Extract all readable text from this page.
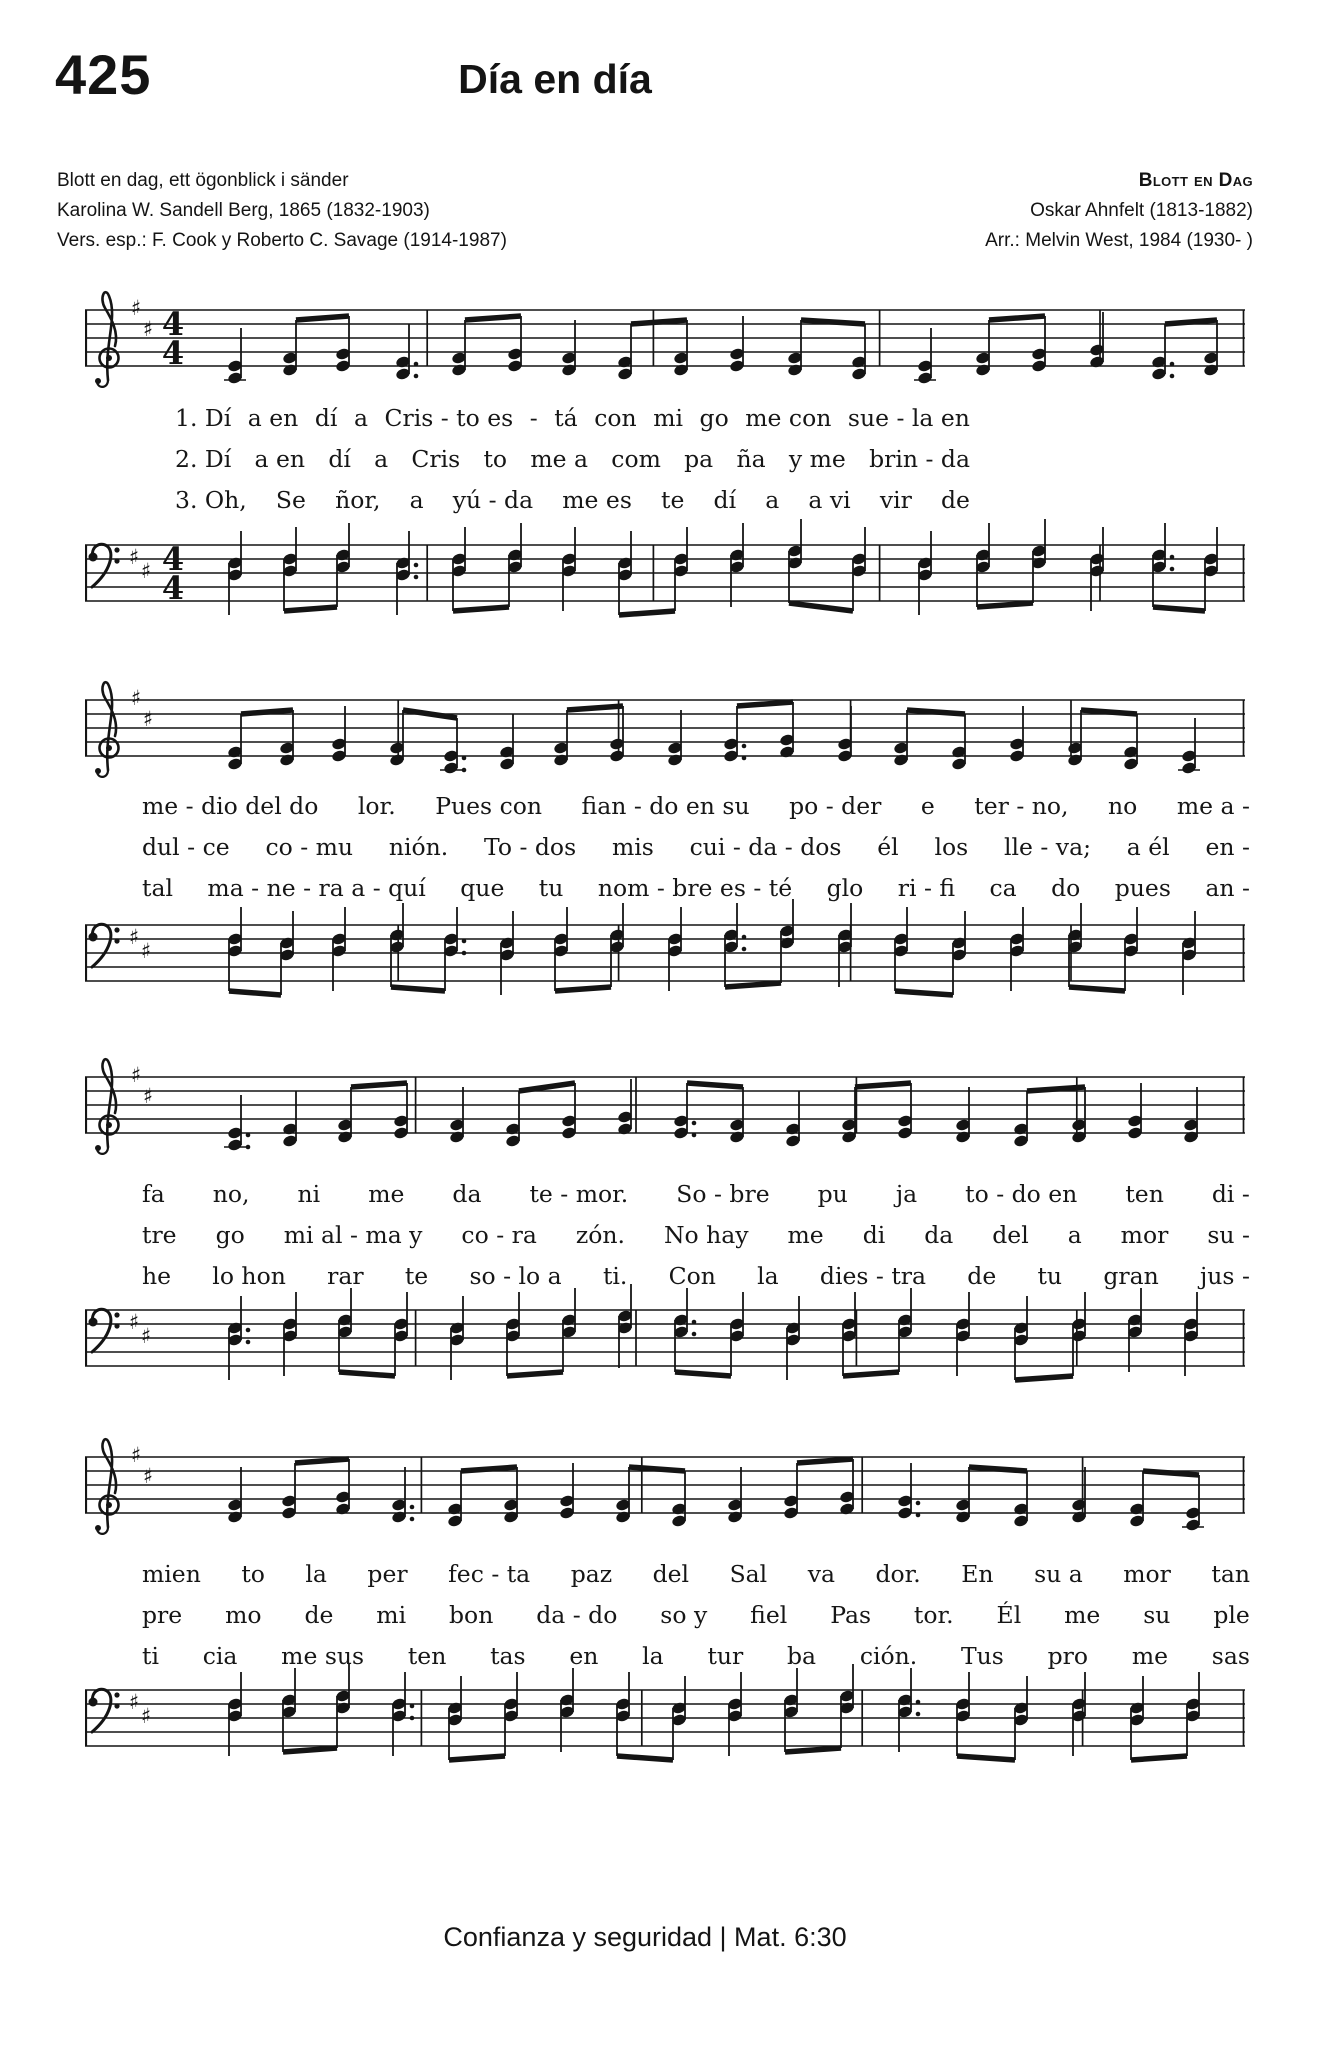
425	Día en día
Blott en dag, ett ögonblick i sänder
Karolina W. Sandell Berg, 1865 (1832-1903)
Vers. esp.: F. Cook y Roberto C. Savage (1914-1987)
Blott en Dag
Oskar Ahnfelt (1813-1882)
Arr.: Melvin West, 1984 (1930- )
♯
♯ 4
4
1. Dí a en dí a Cris - to es - tá con mi go me con sue - la en
2. Dí a en dí a Cris to me a com pa ña y me brin - da
3. Oh, Se ñor, a yú - da me es te dí a a vi vir de
♯
♯ 4
4
♯
♯
me - dio del do lor. Pues con fian - do en su po - der e ter - no, no me a -
dul - ce co - mu nión. To - dos mis cui - da - dos él los lle - va; a él en -
tal ma - ne - ra a - quí que tu nom - bre es - té glo ri - fi ca do pues an -
♯
♯
♯
♯
fa no, ni me da te - mor. So - bre pu ja to - do en ten di -
tre go mi al - ma y co - ra zón. No hay me di da del a mor su -
he lo hon rar te so - lo a ti. Con la dies - tra de tu gran jus -
♯
♯
♯
♯
mien to la per fec - ta paz del Sal va dor. En su a mor tan
pre mo de mi bon da - do so y fiel Pas tor. Él me su ple
ti cia me sus ten tas en la tur ba ción. Tus pro me sas
♯
♯
Confianza y seguridad | Mat. 6:30
